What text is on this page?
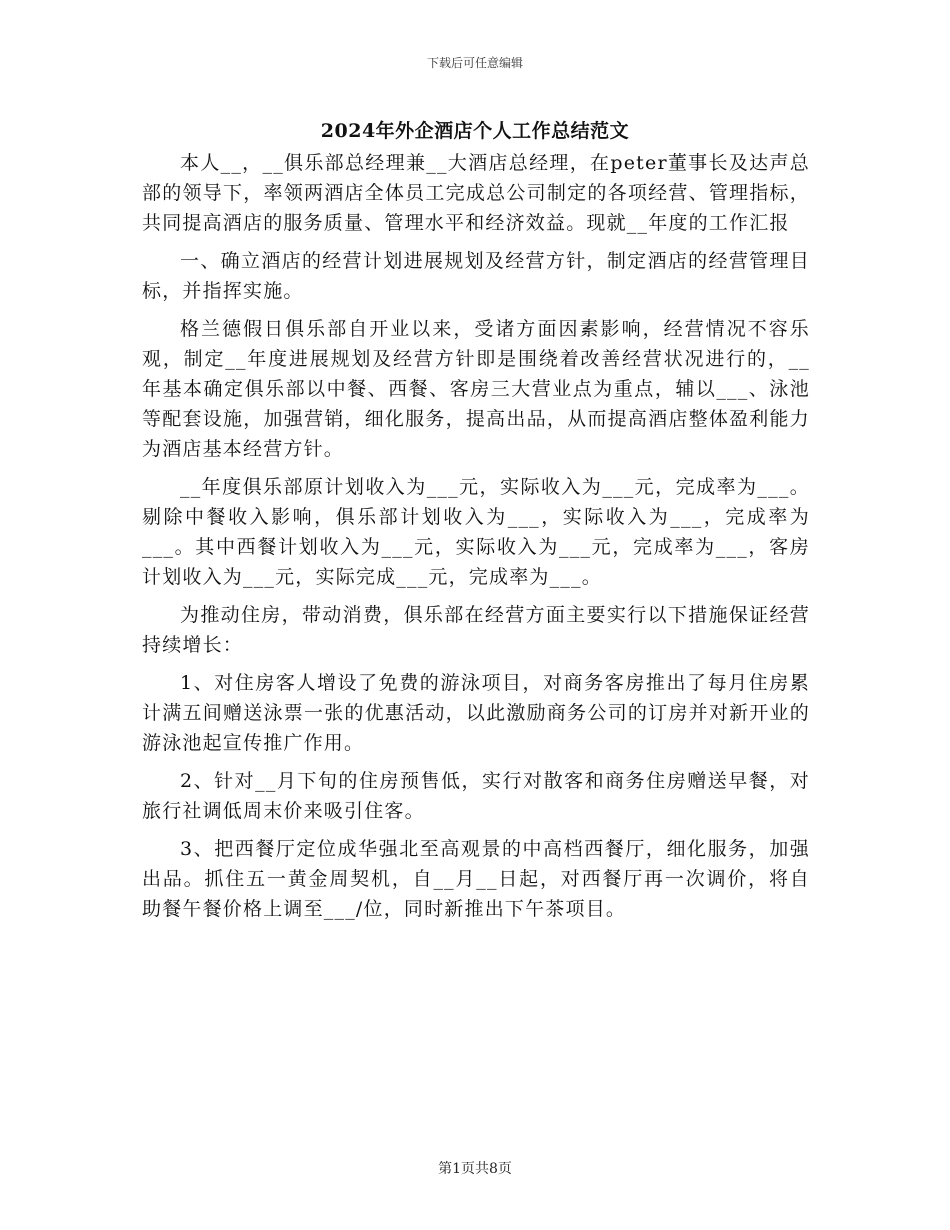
下载后可任意编辑
2024年外企酒店个人工作总结范文

本人__，__俱乐部总经理兼__大酒店总经理，在peter董事长及达声总部的领导下，率领两酒店全体员工完成总公司制定的各项经营、管理指标，共同提高酒店的服务质量、管理水平和经济效益。现就__年度的工作汇报

一、确立酒店的经营计划进展规划及经营方针，制定酒店的经营管理目标，并指挥实施。

格兰德假日俱乐部自开业以来，受诸方面因素影响，经营情况不容乐观，制定__年度进展规划及经营方针即是围绕着改善经营状况进行的，__年基本确定俱乐部以中餐、西餐、客房三大营业点为重点，辅以___、泳池等配套设施，加强营销，细化服务，提高出品，从而提高酒店整体盈利能力为酒店基本经营方针。

__年度俱乐部原计划收入为___元，实际收入为___元，完成率为___。剔除中餐收入影响，俱乐部计划收入为___，实际收入为___，完成率为___。其中西餐计划收入为___元，实际收入为___元，完成率为___，客房计划收入为___元，实际完成___元，完成率为___。

为推动住房，带动消费，俱乐部在经营方面主要实行以下措施保证经营持续增长：

1、对住房客人增设了免费的游泳项目，对商务客房推出了每月住房累计满五间赠送泳票一张的优惠活动，以此激励商务公司的订房并对新开业的游泳池起宣传推广作用。

2、针对__月下旬的住房预售低，实行对散客和商务住房赠送早餐，对旅行社调低周末价来吸引住客。

3、把西餐厅定位成华强北至高观景的中高档西餐厅，细化服务，加强出品。抓住五一黄金周契机，自__月__日起，对西餐厅再一次调价，将自助餐午餐价格上调至___/位，同时新推出下午茶项目。

第1页共8页
